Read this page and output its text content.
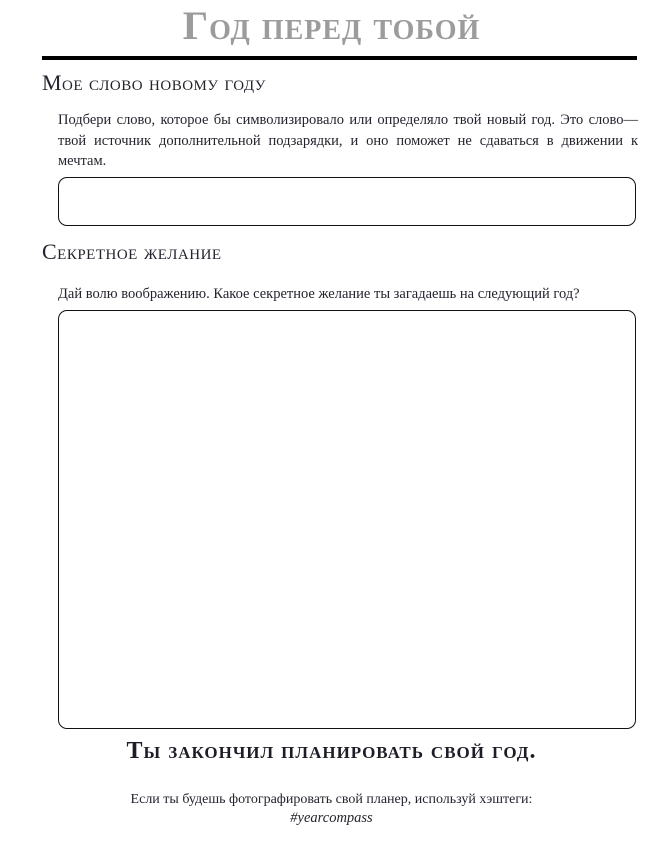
Год перед тобой
Мое слово новому году

Подбери слово, которое бы символизировало или определяло твой новый год. Это слово— твой источник дополнительной подзарядки, и оно поможет не сдаваться в движении к мечтам.

Секретное желание

Дай волю воображению. Какое секретное желание ты загадаешь на следующий год?

Ты закончил планировать свой год.

Если ты будешь фотографировать свой планер, используй хэштеги:

#yearcompass
